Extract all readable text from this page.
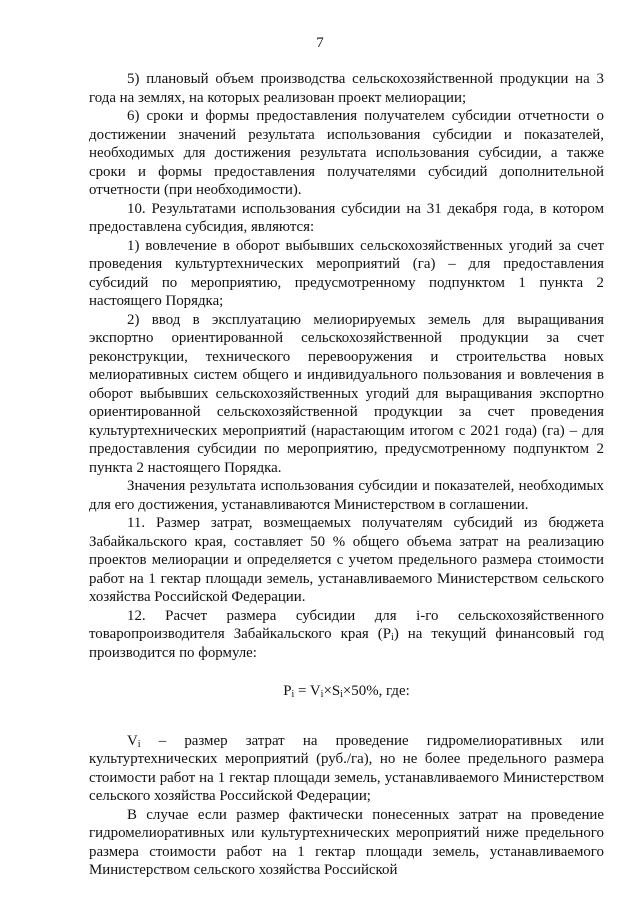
7

5) плановый объем производства сельскохозяйственной продукции на 3 года на землях, на которых реализован проект мелиорации;

6) сроки и формы предоставления получателем субсидии отчетности о достижении значений результата использования субсидии и показателей, необходимых для достижения результата использования субсидии, а также сроки и формы предоставления получателями субсидий дополнительной отчетности (при необходимости).

10. Результатами использования субсидии на 31 декабря года, в котором предоставлена субсидия, являются:

1) вовлечение в оборот выбывших сельскохозяйственных угодий за счет проведения культуртехнических мероприятий (га) – для предоставления субсидий по мероприятию, предусмотренному подпунктом 1 пункта 2 настоящего Порядка;

2) ввод в эксплуатацию мелиорируемых земель для выращивания экспортно ориентированной сельскохозяйственной продукции за счет реконструкции, технического перевооружения и строительства новых мелиоративных систем общего и индивидуального пользования и вовлечения в оборот выбывших сельскохозяйственных угодий для выращивания экспортно ориентированной сельскохозяйственной продукции за счет проведения культуртехнических мероприятий (нарастающим итогом с 2021 года) (га) – для предоставления субсидии по мероприятию, предусмотренному подпунктом 2 пункта 2 настоящего Порядка.

Значения результата использования субсидии и показателей, необходимых для его достижения, устанавливаются Министерством в соглашении.

11. Размер затрат, возмещаемых получателям субсидий из бюджета Забайкальского края, составляет 50 % общего объема затрат на реализацию проектов мелиорации и определяется с учетом предельного размера стоимости работ на 1 гектар площади земель, устанавливаемого Министерством сельского хозяйства Российской Федерации.

12. Расчет размера субсидии для i-го сельскохозяйственного товаропроизводителя Забайкальского края $(P_i)$ на текущий финансовый год производится по формуле:

$P_i = V_i\times S_i\times 50\%$, где:

$V_i$ – размер затрат на проведение гидромелиоративных или культуртехнических мероприятий (руб./га), но не более предельного размера стоимости работ на 1 гектар площади земель, устанавливаемого Министерством сельского хозяйства Российской Федерации;

В случае если размер фактически понесенных затрат на проведение гидромелиоративных или культуртехнических мероприятий ниже предельного размера стоимости работ на 1 гектар площади земель, устанавливаемого Министерством сельского хозяйства Российской
